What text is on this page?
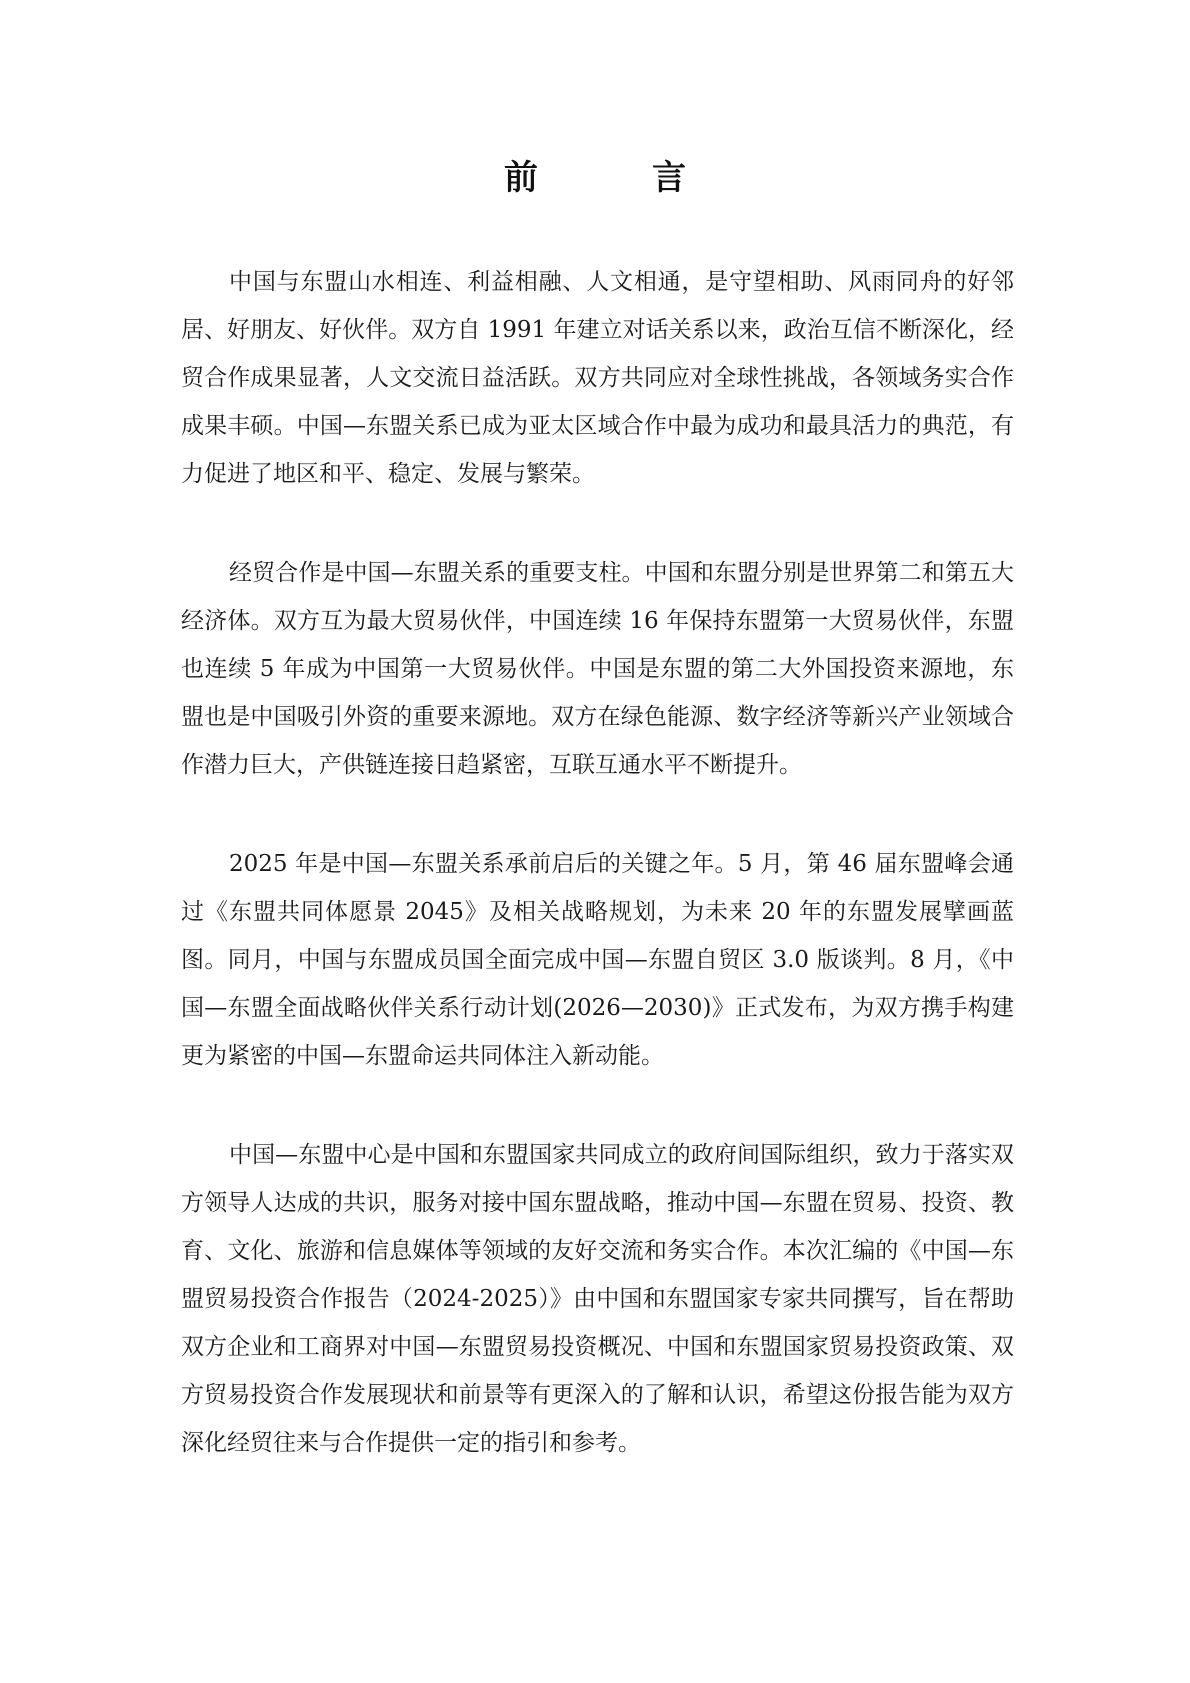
前　言

中国与东盟山水相连、利益相融、人文相通，是守望相助、风雨同舟的好邻居、好朋友、好伙伴。双方自 1991 年建立对话关系以来，政治互信不断深化，经贸合作成果显著，人文交流日益活跃。双方共同应对全球性挑战，各领域务实合作成果丰硕。中国—东盟关系已成为亚太区域合作中最为成功和最具活力的典范，有力促进了地区和平、稳定、发展与繁荣。

经贸合作是中国—东盟关系的重要支柱。中国和东盟分别是世界第二和第五大经济体。双方互为最大贸易伙伴，中国连续 16 年保持东盟第一大贸易伙伴，东盟也连续 5 年成为中国第一大贸易伙伴。中国是东盟的第二大外国投资来源地，东盟也是中国吸引外资的重要来源地。双方在绿色能源、数字经济等新兴产业领域合作潜力巨大，产供链连接日趋紧密，互联互通水平不断提升。

2025 年是中国—东盟关系承前启后的关键之年。5 月，第 46 届东盟峰会通过《东盟共同体愿景 2045》及相关战略规划，为未来 20 年的东盟发展擘画蓝图。同月，中国与东盟成员国全面完成中国—东盟自贸区 3.0 版谈判。8 月，《中国—东盟全面战略伙伴关系行动计划(2026—2030)》正式发布，为双方携手构建更为紧密的中国—东盟命运共同体注入新动能。

中国—东盟中心是中国和东盟国家共同成立的政府间国际组织，致力于落实双方领导人达成的共识，服务对接中国东盟战略，推动中国—东盟在贸易、投资、教育、文化、旅游和信息媒体等领域的友好交流和务实合作。本次汇编的《中国—东盟贸易投资合作报告（2024-2025）》由中国和东盟国家专家共同撰写，旨在帮助双方企业和工商界对中国—东盟贸易投资概况、中国和东盟国家贸易投资政策、双方贸易投资合作发展现状和前景等有更深入的了解和认识，希望这份报告能为双方深化经贸往来与合作提供一定的指引和参考。
